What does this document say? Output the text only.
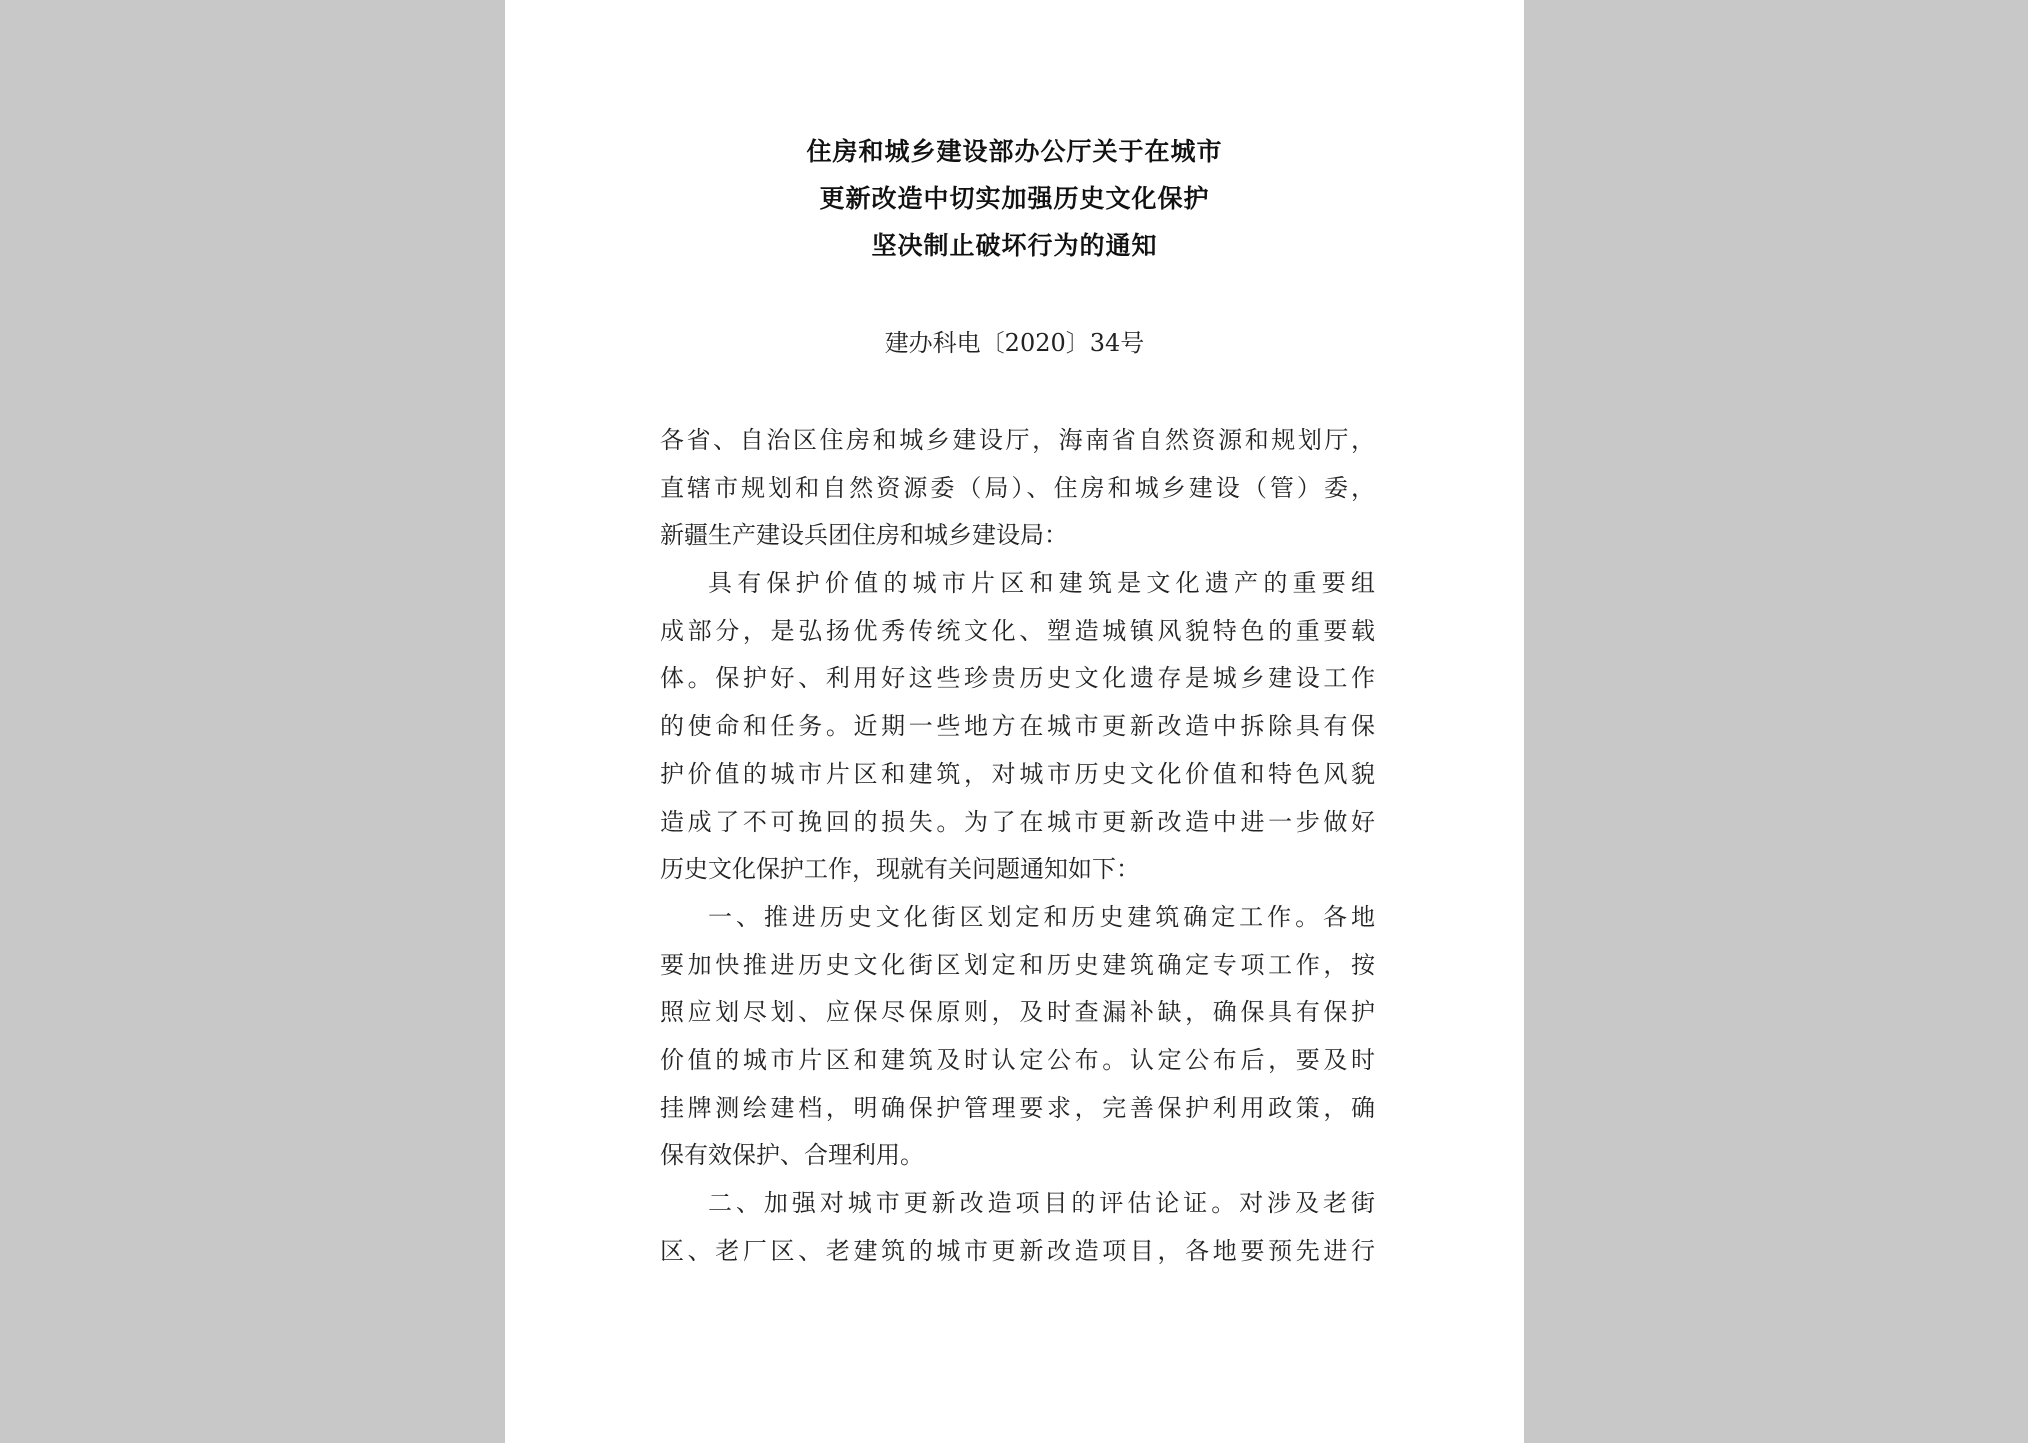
住房和城乡建设部办公厅关于在城市
更新改造中切实加强历史文化保护
坚决制止破坏行为的通知
建办科电〔2020〕34号
各省、自治区住房和城乡建设厅，海南省自然资源和规划厅，
直辖市规划和自然资源委（局）、住房和城乡建设（管）委，
新疆生产建设兵团住房和城乡建设局：
具有保护价值的城市片区和建筑是文化遗产的重要组
成部分，是弘扬优秀传统文化、塑造城镇风貌特色的重要载
体。保护好、利用好这些珍贵历史文化遗存是城乡建设工作
的使命和任务。近期一些地方在城市更新改造中拆除具有保
护价值的城市片区和建筑，对城市历史文化价值和特色风貌
造成了不可挽回的损失。为了在城市更新改造中进一步做好
历史文化保护工作，现就有关问题通知如下：
一、推进历史文化街区划定和历史建筑确定工作。各地
要加快推进历史文化街区划定和历史建筑确定专项工作，按
照应划尽划、应保尽保原则，及时查漏补缺，确保具有保护
价值的城市片区和建筑及时认定公布。认定公布后，要及时
挂牌测绘建档，明确保护管理要求，完善保护利用政策，确
保有效保护、合理利用。
二、加强对城市更新改造项目的评估论证。对涉及老街
区、老厂区、老建筑的城市更新改造项目，各地要预先进行
